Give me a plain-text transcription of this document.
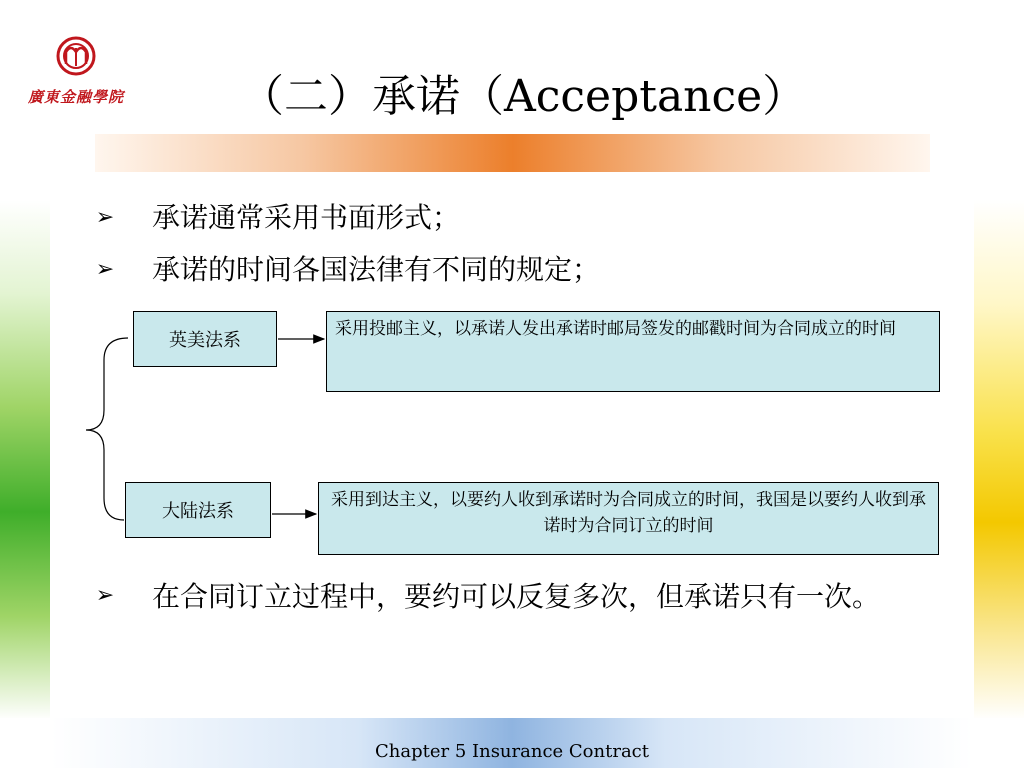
廣東金融學院	（二）承诺（Acceptance）
➢ 承诺通常采用书面形式；
➢ 承诺的时间各国法律有不同的规定；
英美法系
采用投邮主义，以承诺人发出承诺时邮局签发的邮戳时间为合同成立的时间
大陆法系
采用到达主义，以要约人收到承诺时为合同成立的时间，我国是以要约人收到承诺时为合同订立的时间
➢ 在合同订立过程中，要约可以反复多次，但承诺只有一次。
Chapter 5 Insurance Contract
